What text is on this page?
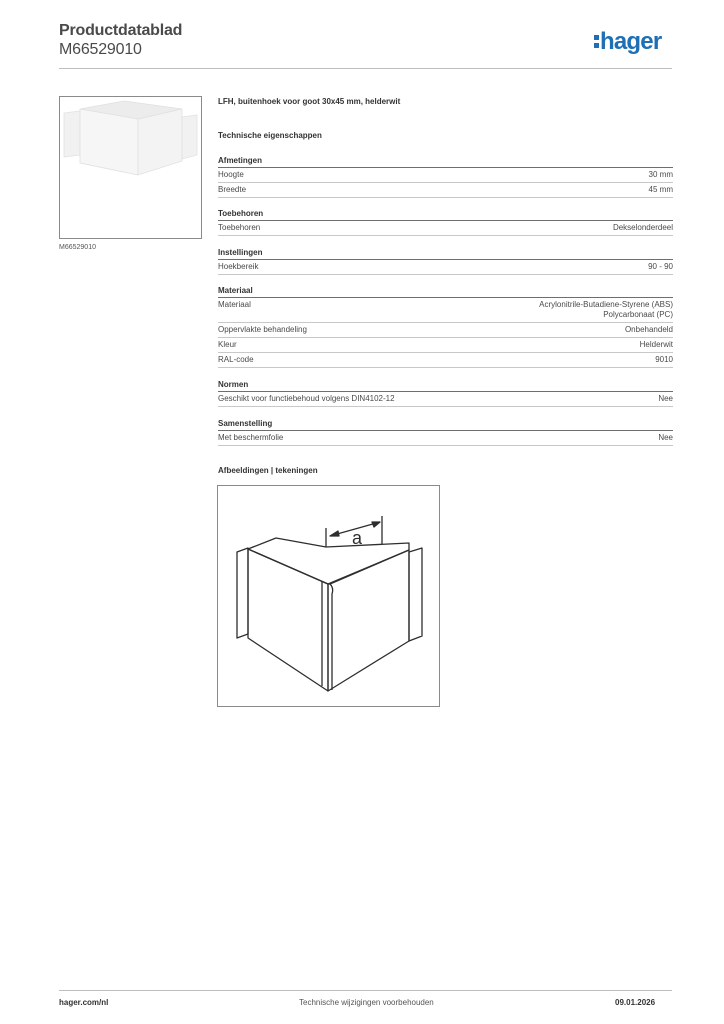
Productdatablad
M66529010	hager
M66529010
LFH, buitenhoek voor goot 30x45 mm, helderwit
Technische eigenschappen
Afmetingen
Hoogte	30 mm
Breedte	45 mm
Toebehoren
Toebehoren	Dekselonderdeel
Instellingen
Hoekbereik	90 - 90
Materiaal
Materiaal	Acrylonitrile-Butadiene-Styrene (ABS)
Polycarbonaat (PC)
Oppervlakte behandeling	Onbehandeld
Kleur	Helderwit
RAL-code	9010
Normen
Geschikt voor functiebehoud volgens DIN4102-12	Nee
Samenstelling
Met beschermfolie	Nee
Afbeeldingen | tekeningen
a
hager.com/nl	Technische wijzigingen voorbehouden	09.01.2026
